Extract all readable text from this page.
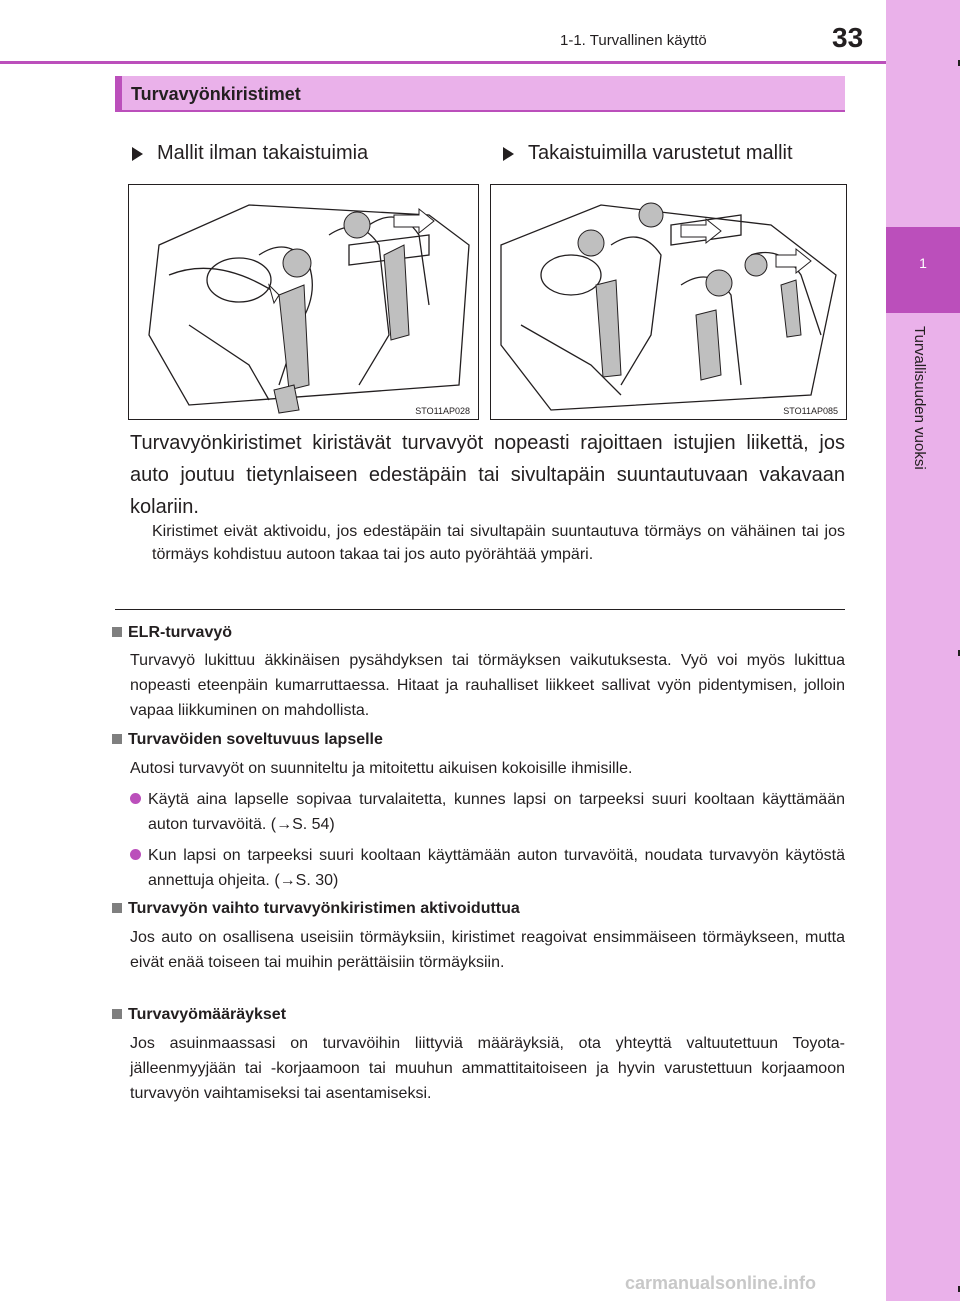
1
Turvallisuuden vuoksi
1-1. Turvallinen käyttö	33
Turvavyönkiristimet
Mallit ilman takaistuimia	Takaistuimilla varustetut mallit
STO11AP028	STO11AP085
Turvavyönkiristimet kiristävät turvavyöt nopeasti rajoittaen istujien liikettä, jos auto joutuu tietynlaiseen edestäpäin tai sivultapäin suuntautuvaan vakavaan kolariin.
Kiristimet eivät aktivoidu, jos edestäpäin tai sivultapäin suuntautuva törmäys on vähäinen tai jos törmäys kohdistuu autoon takaa tai jos auto pyörähtää ympäri.
ELR-turvavyö
Turvavyö lukittuu äkkinäisen pysähdyksen tai törmäyksen vaikutuksesta. Vyö voi myös lukittua nopeasti eteenpäin kumarruttaessa. Hitaat ja rauhalliset liikkeet sallivat vyön pidentymisen, jolloin vapaa liikkuminen on mahdollista.
Turvavöiden soveltuvuus lapselle
Autosi turvavyöt on suunniteltu ja mitoitettu aikuisen kokoisille ihmisille.
Käytä aina lapselle sopivaa turvalaitetta, kunnes lapsi on tarpeeksi suuri kooltaan käyttämään auton turvavöitä. (→S. 54)
Kun lapsi on tarpeeksi suuri kooltaan käyttämään auton turvavöitä, noudata turvavyön käytöstä annettuja ohjeita. (→S. 30)
Turvavyön vaihto turvavyönkiristimen aktivoiduttua
Jos auto on osallisena useisiin törmäyksiin, kiristimet reagoivat ensimmäiseen törmäykseen, mutta eivät enää toiseen tai muihin perättäisiin törmäyksiin.
Turvavyömääräykset
Jos asuinmaassasi on turvavöihin liittyviä määräyksiä, ota yhteyttä valtuutettuun Toyota-jälleenmyyjään tai -korjaamoon tai muuhun ammattitaitoiseen ja hyvin varustettuun korjaamoon turvavyön vaihtamiseksi tai asentamiseksi.
carmanualsonline.info
